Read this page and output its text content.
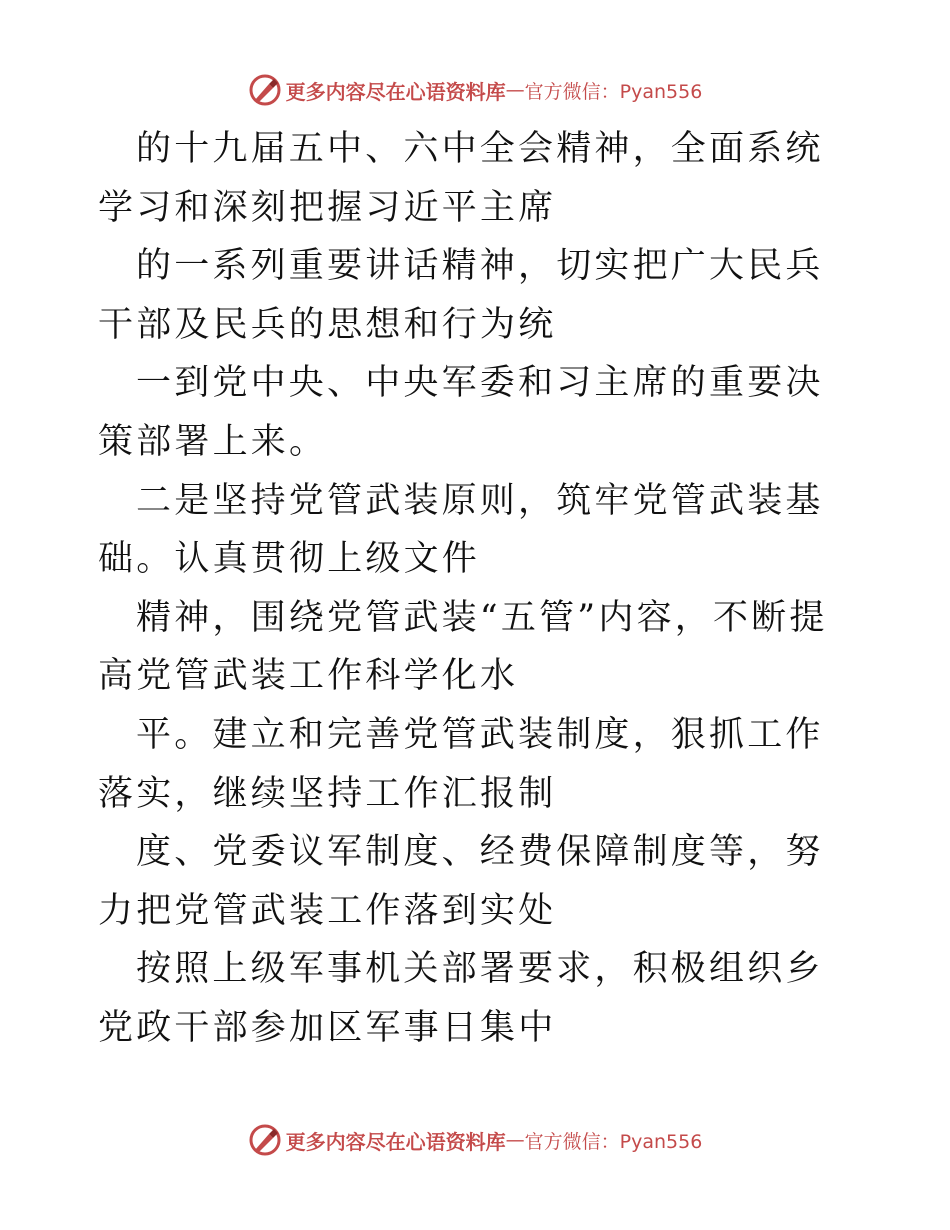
更多内容尽在心语资料库 — 官方微信：Pyan556

的十九届五中、六中全会精神，全面系统学习和深刻把握习近平主席

的一系列重要讲话精神，切实把广大民兵干部及民兵的思想和行为统

一到党中央、中央军委和习主席的重要决策部署上来。

二是坚持党管武装原则，筑牢党管武装基础。认真贯彻上级文件

精神，围绕党管武装“五管”内容，不断提高党管武装工作科学化水

平。建立和完善党管武装制度，狠抓工作落实，继续坚持工作汇报制

度、党委议军制度、经费保障制度等，努力把党管武装工作落到实处

按照上级军事机关部署要求，积极组织乡党政干部参加区军事日集中

更多内容尽在心语资料库 — 官方微信：Pyan556
